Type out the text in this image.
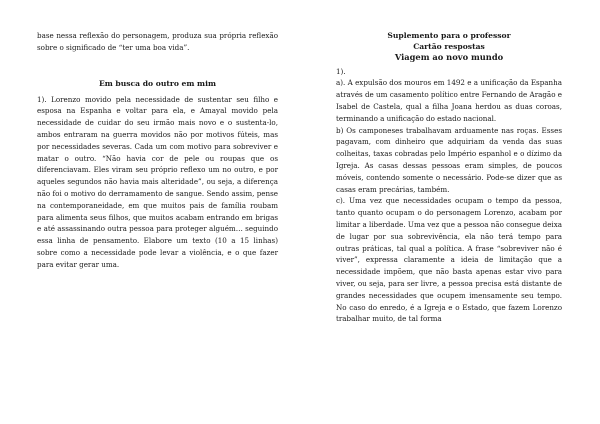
base nessa reflexão do personagem, produza sua própria reflexão sobre o significado de “ter uma boa vida”.

Em busca do outro em mim

1). Lorenzo movido pela necessidade de sustentar seu filho e esposa na Espanha e voltar para ela, e Amayal movido pela necessidade de cuidar do seu irmão mais novo e o sustenta-lo, ambos entraram na guerra movidos não por motivos fúteis, mas por necessidades severas. Cada um com motivo para sobreviver e matar o outro. “Não havia cor de pele ou roupas que os diferenciavam. Eles viram seu próprio reflexo um no outro, e por aqueles segundos não havia mais alteridade”, ou seja, a diferença não foi o motivo do derramamento de sangue. Sendo assim, pense na contemporaneidade, em que muitos pais de família roubam para alimenta seus filhos, que muitos acabam entrando em brigas e até assassinando outra pessoa para proteger alguém… seguindo essa linha de pensamento. Elabore um texto (10 a 15 linhas) sobre como a necessidade pode levar a violência, e o que fazer para evitar gerar uma.

Suplemento para o professor
Cartão respostas
Viagem ao novo mundo

1).

a). A expulsão dos mouros em 1492 e a unificação da Espanha através de um casamento político entre Fernando de Aragão e Isabel de Castela, qual a filha Joana herdou as duas coroas, terminando a unificação do estado nacional.

b) Os camponeses trabalhavam arduamente nas roças. Esses pagavam, com dinheiro que adquiriam da venda das suas colheitas, taxas cobradas pelo Império espanhol e o dízimo da Igreja. As casas dessas pessoas eram simples, de poucos móveis, contendo somente o necessário. Pode-se dizer que as casas eram precárias, também.

c). Uma vez que necessidades ocupam o tempo da pessoa, tanto quanto ocupam o do personagem Lorenzo, acabam por limitar a liberdade. Uma vez que a pessoa não consegue deixa de lugar por sua sobrevivência, ela não terá tempo para outras práticas, tal qual a política. A frase “sobreviver não é viver”, expressa claramente a ideia de limitação que a necessidade impõem, que não basta apenas estar vivo para viver, ou seja, para ser livre, a pessoa precisa está distante de grandes necessidades que ocupem imensamente seu tempo. No caso do enredo, é a Igreja e o Estado, que fazem Lorenzo trabalhar muito, de tal forma
